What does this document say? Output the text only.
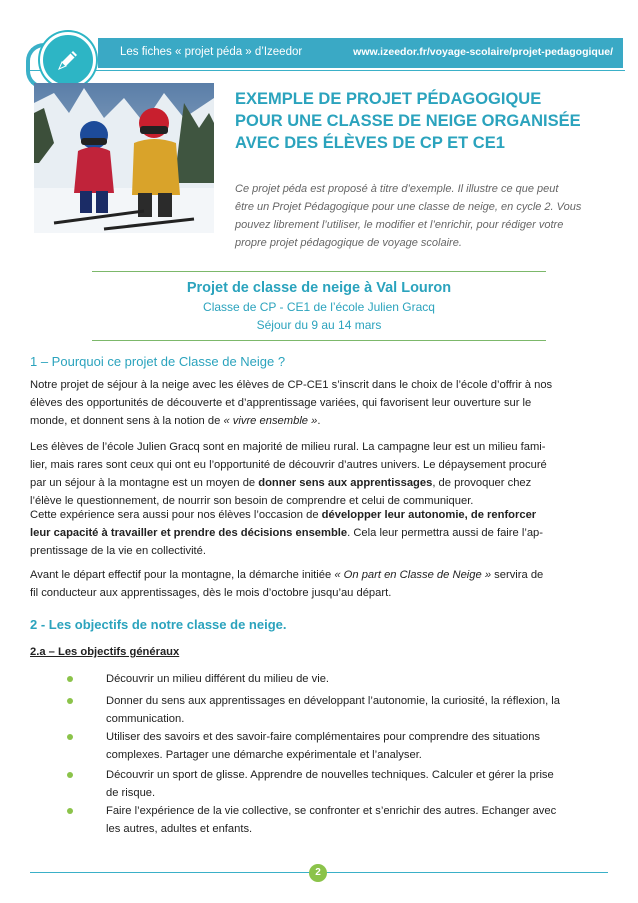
Les fiches « projet péda » d’Izeedor	www.izeedor.fr/voyage-scolaire/projet-pedagogique/
EXEMPLE DE PROJET PÉDAGOGIQUE
POUR UNE CLASSE DE NEIGE ORGANISÉE
AVEC DES ÉLÈVES DE CP ET CE1
Ce projet péda est proposé à titre d’exemple. Il illustre ce que peut
être un Projet Pédagogique pour une classe de neige, en cycle 2. Vous
pouvez librement l’utiliser, le modifier et l’enrichir, pour rédiger votre
propre projet pédagogique de voyage scolaire.
Projet de classe de neige à Val Louron
Classe de CP - CE1 de l’école Julien Gracq
Séjour du 9 au 14 mars
1 – Pourquoi ce projet de Classe de Neige ?
Notre projet de séjour à la neige avec les élèves de CP-CE1 s’inscrit dans le choix de l’école d’offrir à nos
élèves des opportunités de découverte et d’apprentissage variées, qui favorisent leur ouverture sur le
monde, et donnent sens à la notion de « vivre ensemble ».
Les élèves de l’école Julien Gracq sont en majorité de milieu rural. La campagne leur est un milieu fami-
lier, mais rares sont ceux qui ont eu l’opportunité de découvrir d’autres univers. Le dépaysement procuré
par un séjour à la montagne est un moyen de donner sens aux apprentissages, de provoquer chez
l’élève le questionnement, de nourrir son besoin de comprendre et celui de communiquer.
Cette expérience sera aussi pour nos élèves l’occasion de développer leur autonomie, de renforcer
leur capacité à travailler et prendre des décisions ensemble. Cela leur permettra aussi de faire l’ap-
prentissage de la vie en collectivité.
Avant le départ effectif pour la montagne, la démarche initiée « On part en Classe de Neige » servira de
fil conducteur aux apprentissages, dès le mois d’octobre jusqu’au départ.
2 - Les objectifs de notre classe de neige.
2.a – Les objectifs généraux
Découvrir un milieu différent du milieu de vie.
Donner du sens aux apprentissages en développant l’autonomie, la curiosité, la réflexion, la
communication.
Utiliser des savoirs et des savoir-faire complémentaires pour comprendre des situations
complexes. Partager une démarche expérimentale et l’analyser.
Découvrir un sport de glisse. Apprendre de nouvelles techniques. Calculer et gérer la prise
de risque.
Faire l’expérience de la vie collective, se confronter et s’enrichir des autres. Echanger avec
les autres, adultes et enfants.
2
